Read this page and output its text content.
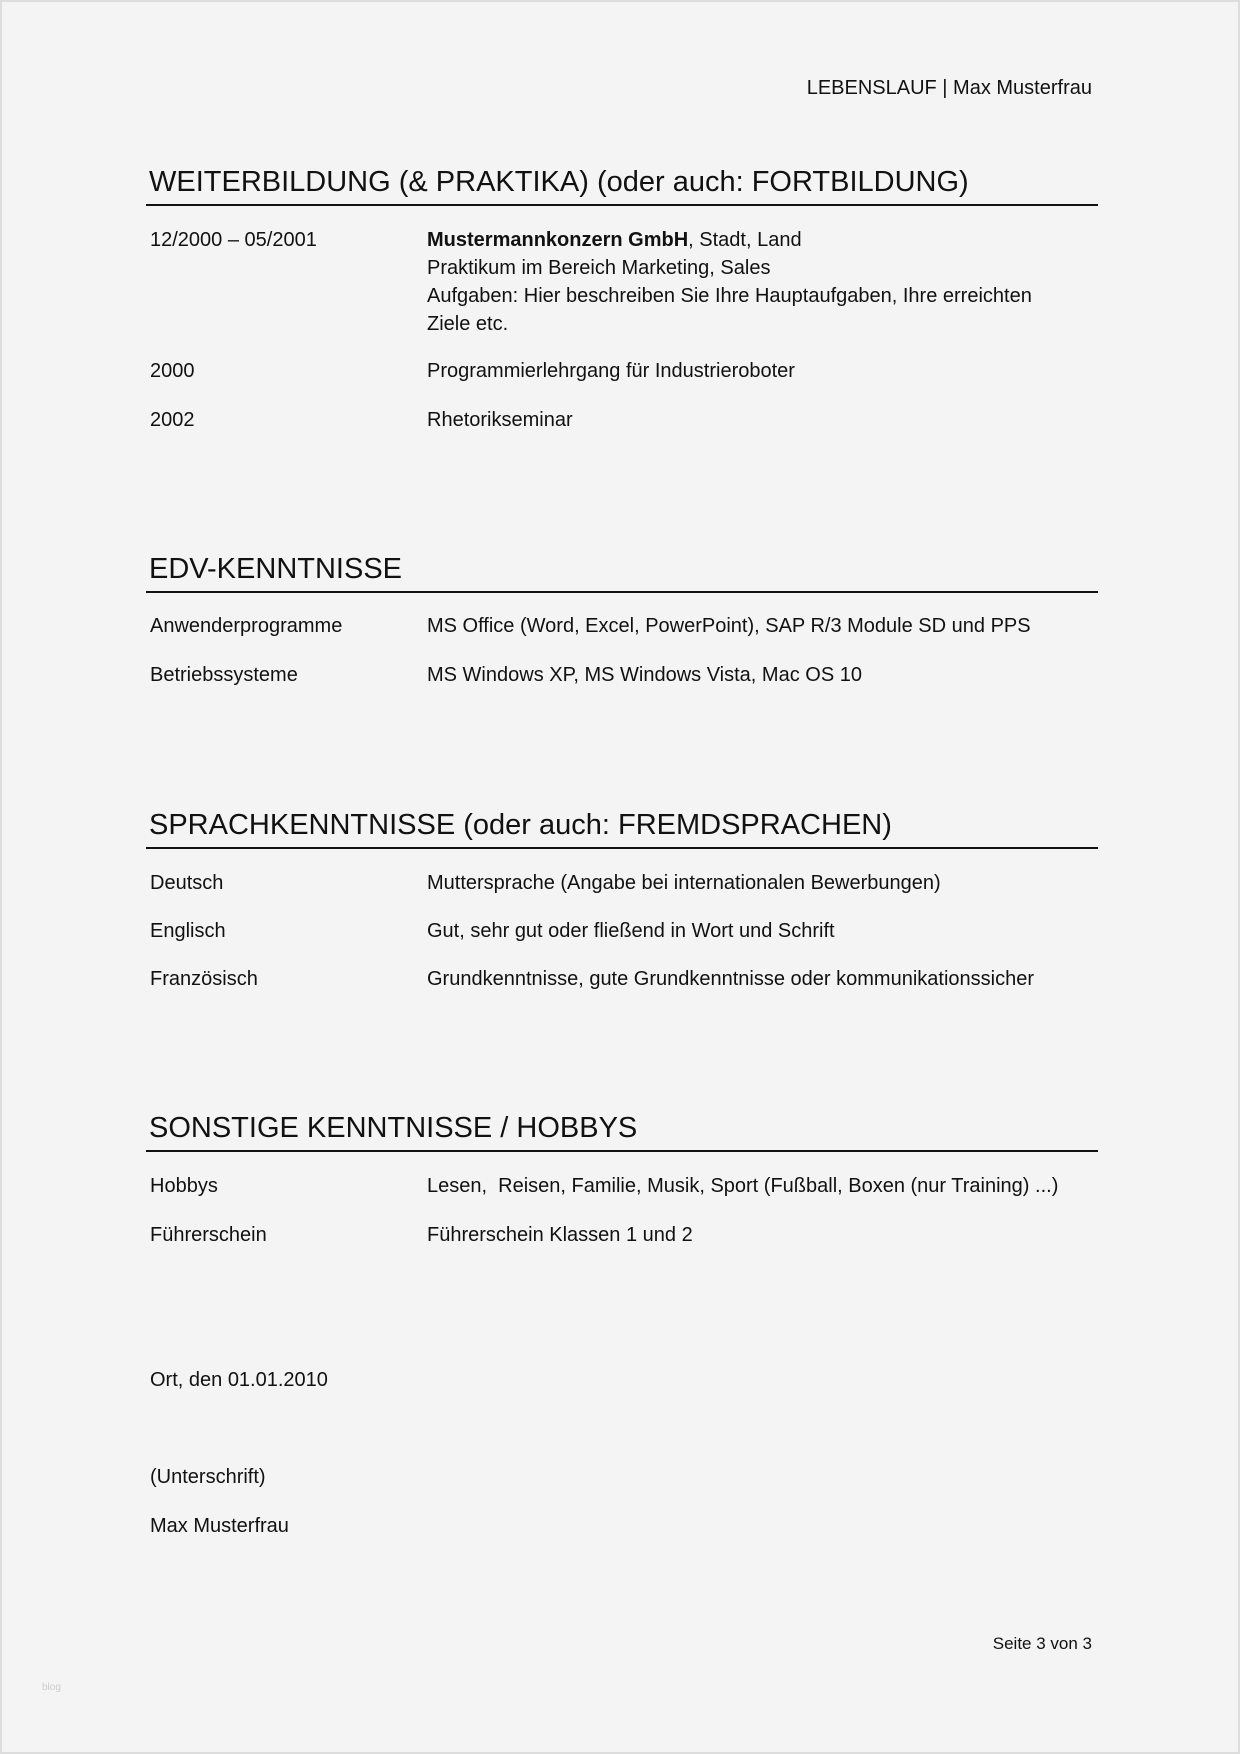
LEBENSLAUF | Max Musterfrau
WEITERBILDUNG (& PRAKTIKA) (oder auch: FORTBILDUNG)
12/2000 – 05/2001	Mustermannkonzern GmbH, Stadt, Land
Praktikum im Bereich Marketing, Sales
Aufgaben: Hier beschreiben Sie Ihre Hauptaufgaben, Ihre erreichten
Ziele etc.
2000	Programmierlehrgang für Industrieroboter
2002	Rhetorikseminar
EDV-KENNTNISSE
Anwenderprogramme	MS Office (Word, Excel, PowerPoint), SAP R/3 Module SD und PPS
Betriebssysteme	MS Windows XP, MS Windows Vista, Mac OS 10
SPRACHKENNTNISSE (oder auch: FREMDSPRACHEN)
Deutsch	Muttersprache (Angabe bei internationalen Bewerbungen)
Englisch	Gut, sehr gut oder fließend in Wort und Schrift
Französisch	Grundkenntnisse, gute Grundkenntnisse oder kommunikationssicher
SONSTIGE KENNTNISSE / HOBBYS
Hobbys	Lesen,  Reisen, Familie, Musik, Sport (Fußball, Boxen (nur Training) ...)
Führerschein	Führerschein Klassen 1 und 2
Ort, den 01.01.2010
(Unterschrift)
Max Musterfrau
Seite 3 von 3
blog
